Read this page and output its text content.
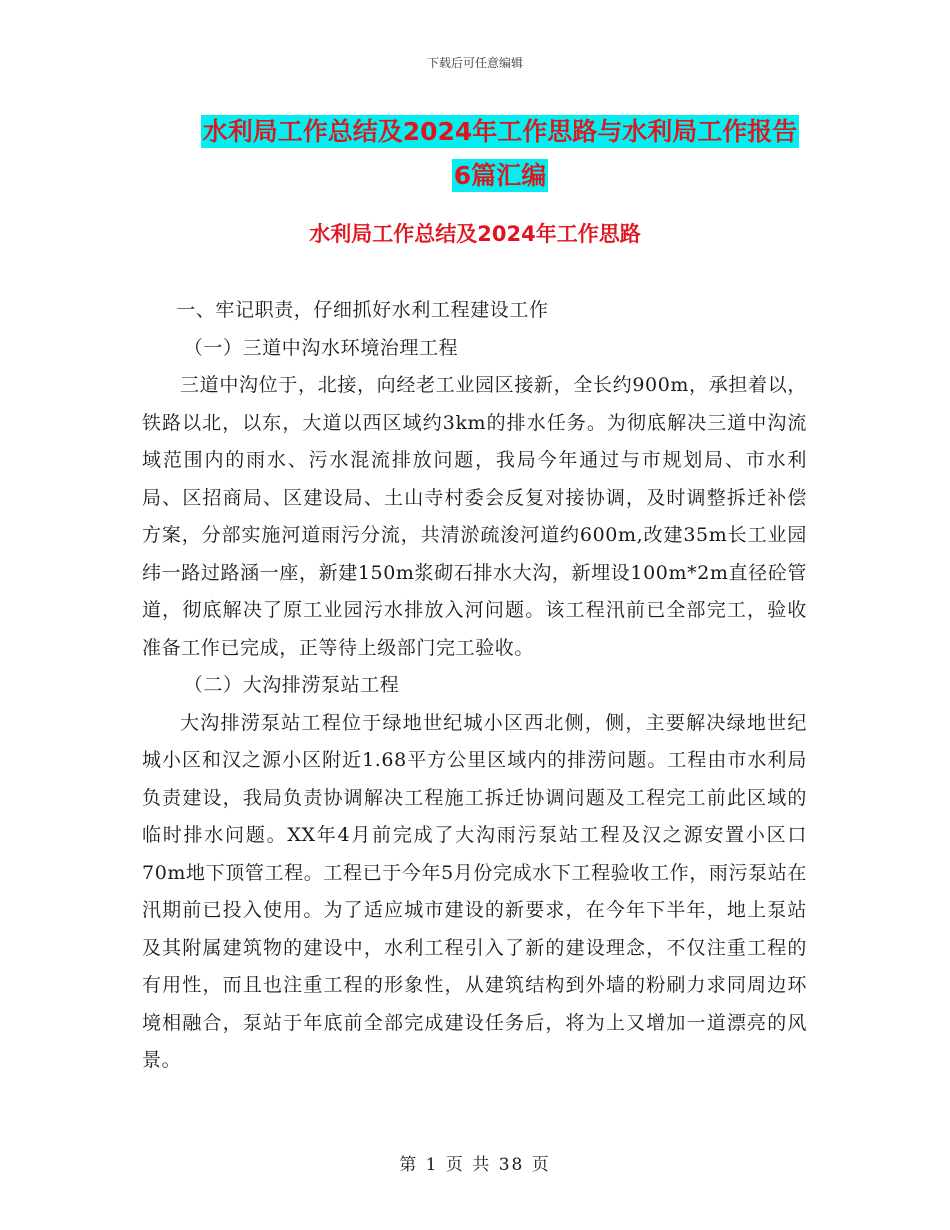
下载后可任意编辑
水利局工作总结及2024年工作思路与水利局工作报告
6篇汇编
水利局工作总结及2024年工作思路

一、牢记职责，仔细抓好水利工程建设工作

（一）三道中沟水环境治理工程

三道中沟位于，北接，向经老工业园区接新，全长约900m，承担着以，铁路以北，以东，大道以西区域约3km的排水任务。为彻底解决三道中沟流域范围内的雨水、污水混流排放问题，我局今年通过与市规划局、市水利局、区招商局、区建设局、土山寺村委会反复对接协调，及时调整拆迁补偿方案，分部实施河道雨污分流，共清淤疏浚河道约600m,改建35m长工业园纬一路过路涵一座，新建150m浆砌石排水大沟，新埋设100m*2m直径砼管道，彻底解决了原工业园污水排放入河问题。该工程汛前已全部完工，验收准备工作已完成，正等待上级部门完工验收。

（二）大沟排涝泵站工程

大沟排涝泵站工程位于绿地世纪城小区西北侧，侧，主要解决绿地世纪城小区和汉之源小区附近1.68平方公里区域内的排涝问题。工程由市水利局负责建设，我局负责协调解决工程施工拆迁协调问题及工程完工前此区域的临时排水问题。XX年4月前完成了大沟雨污泵站工程及汉之源安置小区口70m地下顶管工程。工程已于今年5月份完成水下工程验收工作，雨污泵站在汛期前已投入使用。为了适应城市建设的新要求，在今年下半年，地上泵站及其附属建筑物的建设中，水利工程引入了新的建设理念，不仅注重工程的有用性，而且也注重工程的形象性，从建筑结构到外墙的粉刷力求同周边环境相融合，泵站于年底前全部完成建设任务后，将为上又增加一道漂亮的风景。

第 1 页 共 38 页
